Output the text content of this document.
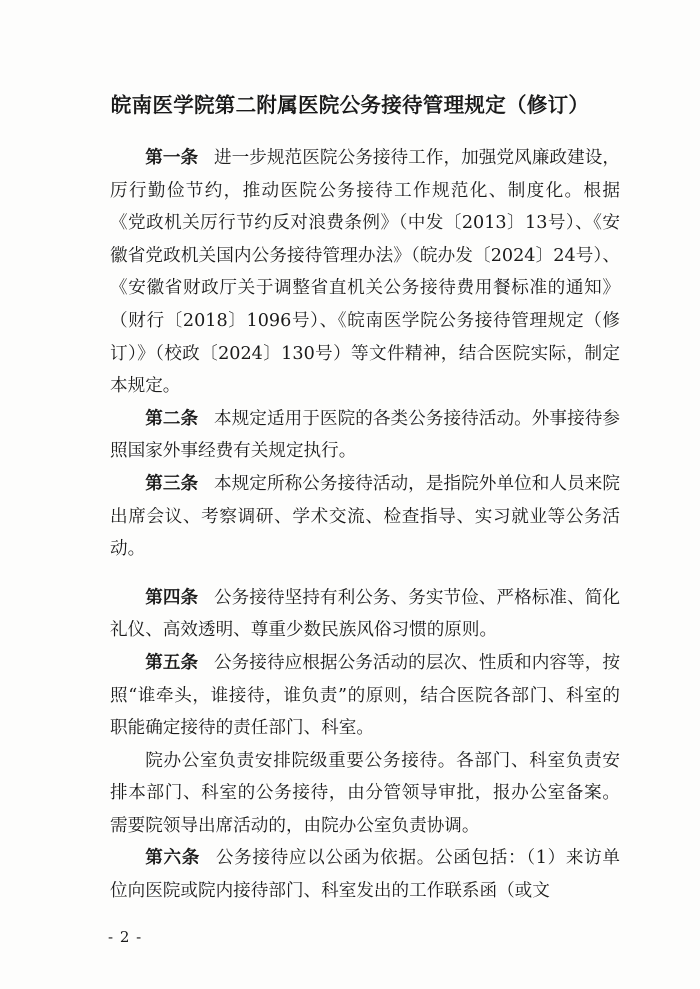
皖南医学院第二附属医院公务接待管理规定（修订）

第一条 进一步规范医院公务接待工作，加强党风廉政建设，厉行勤俭节约，推动医院公务接待工作规范化、制度化。根据《党政机关厉行节约反对浪费条例》（中发〔2013〕13号）、《安徽省党政机关国内公务接待管理办法》（皖办发〔2024〕24号）、《安徽省财政厅关于调整省直机关公务接待费用餐标准的通知》（财行〔2018〕1096号）、《皖南医学院公务接待管理规定（修订）》（校政〔2024〕130号）等文件精神，结合医院实际，制定本规定。

第二条 本规定适用于医院的各类公务接待活动。外事接待参照国家外事经费有关规定执行。

第三条 本规定所称公务接待活动，是指院外单位和人员来院出席会议、考察调研、学术交流、检查指导、实习就业等公务活动。

第四条 公务接待坚持有利公务、务实节俭、严格标准、简化礼仪、高效透明、尊重少数民族风俗习惯的原则。

第五条 公务接待应根据公务活动的层次、性质和内容等，按照“谁牵头，谁接待，谁负责”的原则，结合医院各部门、科室的职能确定接待的责任部门、科室。

院办公室负责安排院级重要公务接待。各部门、科室负责安排本部门、科室的公务接待，由分管领导审批，报办公室备案。需要院领导出席活动的，由院办公室负责协调。

第六条 公务接待应以公函为依据。公函包括：（1）来访单位向医院或院内接待部门、科室发出的工作联系函（或文

- 2 -
